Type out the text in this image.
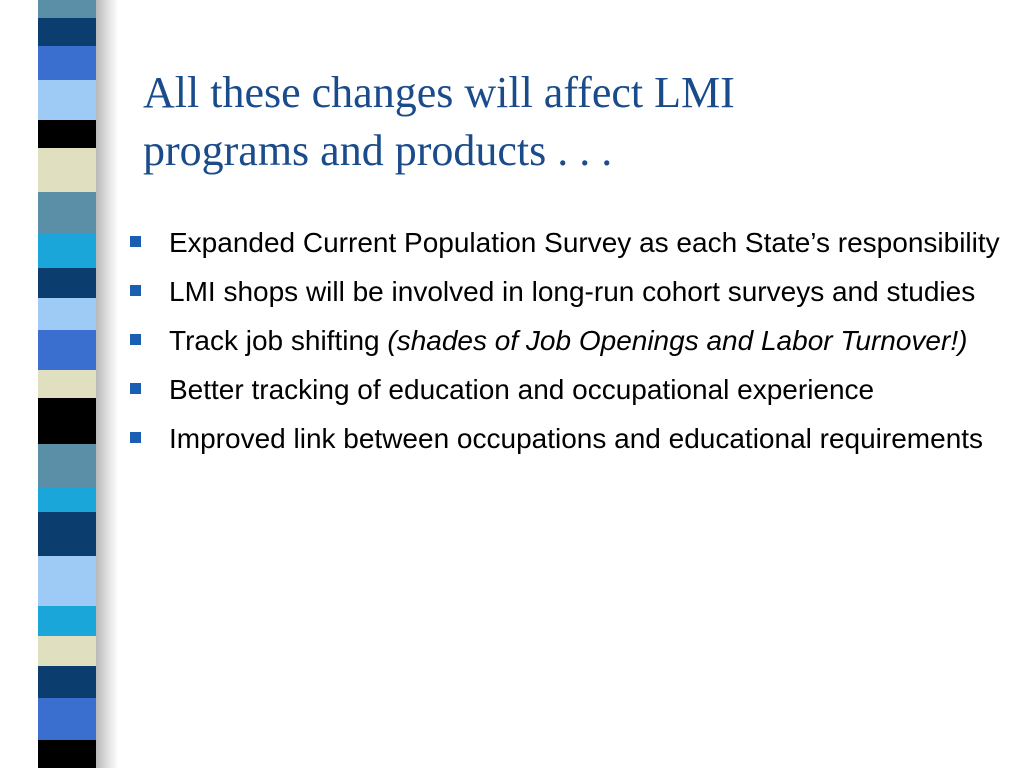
All these changes will affect LMI
programs and products . . .
Expanded Current Population Survey as each State’s responsibility
LMI shops will be involved in long-run cohort surveys and studies
Track job shifting (shades of Job Openings and Labor Turnover!)
Better tracking of education and occupational experience
Improved link between occupations and educational requirements
